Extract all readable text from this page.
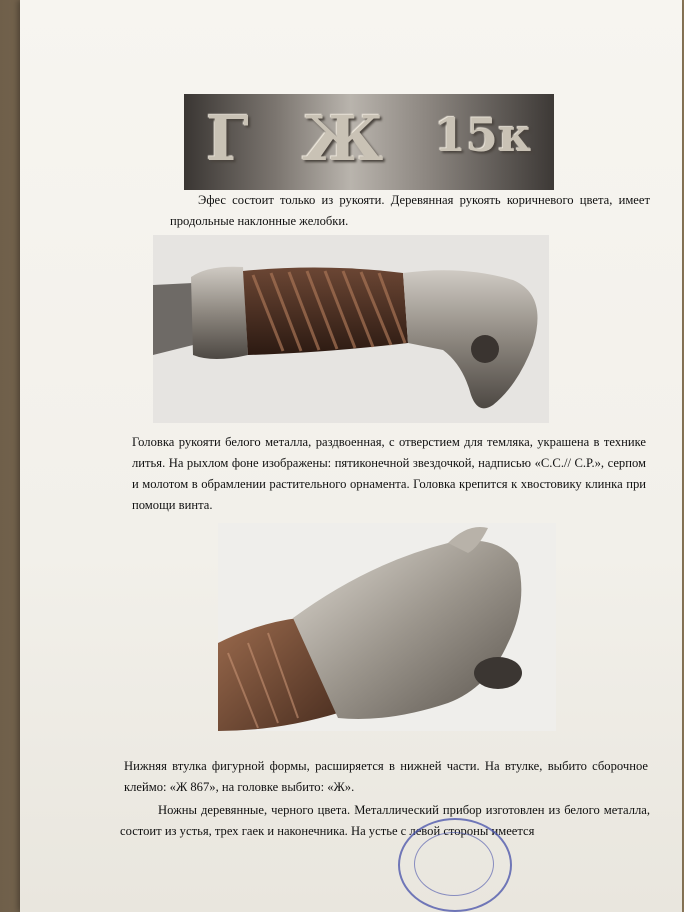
Г Ж 15к
Эфес состоит только из рукояти. Деревянная рукоять коричневого цвета, имеет продольные наклонные желобки.
Головка рукояти белого металла, раздвоенная, с отверстием для темляка, украшена в технике литья. На рыхлом фоне изображены: пятиконечной звездочкой, надписью «С.С.// С.Р.», серпом и молотом в обрамлении растительного орнамента. Головка крепится к хвостовику клинка при помощи винта.
Нижняя втулка фигурной формы, расширяется в нижней части. На втулке, выбито сборочное клеймо: «Ж 867», на головке выбито: «Ж».
Ножны деревянные, черного цвета. Металлический прибор изготовлен из белого металла, состоит из устья, трех гаек и наконечника. На устье с левой стороны имеется
